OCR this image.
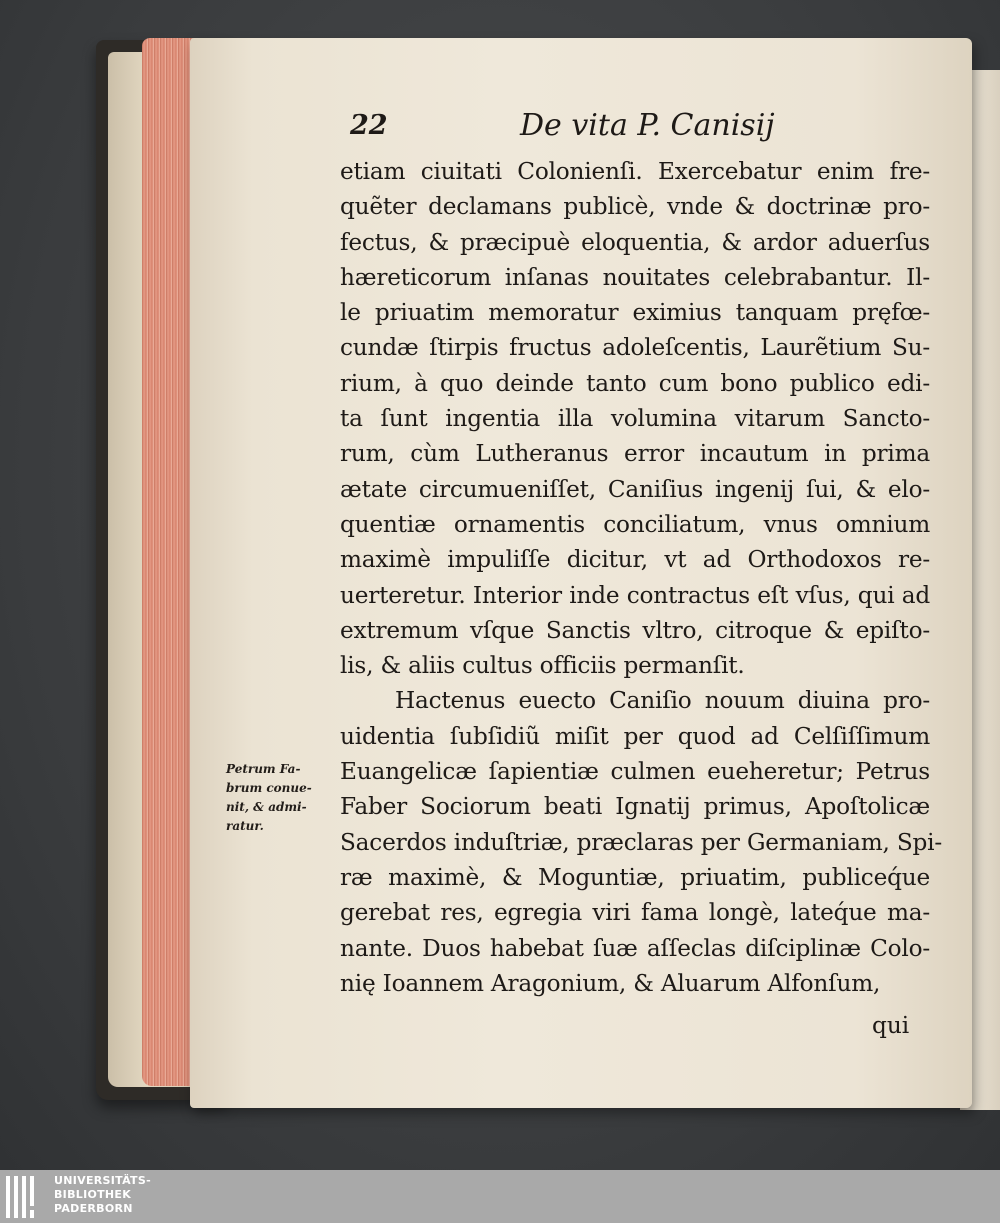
22	De vita P. Canisij
etiam ciuitati Colonienſi. Exercebatur enim fre-
quẽter declamans publicè, vnde & doctrinæ pro-
fectus, & præcipuè eloquentia, & ardor aduerſus
hæreticorum inſanas nouitates celebrabantur. Il-
le priuatim memoratur eximius tanquam pręfœ-
cundæ ſtirpis fructus adoleſcentis, Laurẽtium Su-
rium, à quo deinde tanto cum bono publico edi-
ta ſunt ingentia illa volumina vitarum Sancto-
rum, cùm Lutheranus error incautum in prima
ætate circumueniſſet, Caniſius ingenij ſui, & elo-
quentiæ ornamentis conciliatum, vnus omnium
maximè impuliſſe dicitur, vt ad Orthodoxos re-
uerteretur. Interior inde contractus eſt vſus, qui ad
extremum vſque Sanctis vltro, citroque & epiſto-
lis, & aliis cultus officiis permanſit.
Hactenus euecto Caniſio nouum diuina pro-
uidentia ſubſidiũ miſit per quod ad Celſiſſimum
Euangelicæ ſapientiæ culmen eueheretur; Petrus
Faber Sociorum beati Ignatij primus, Apoſtolicæ
Sacerdos induſtriæ, præclaras per Germaniam, Spi-
ræ maximè, & Moguntiæ, priuatim, publiceq́ue
gerebat res, egregia viri fama longè, lateq́ue ma-
nante. Duos habebat ſuæ aſſeclas diſciplinæ Colo-
nię Ioannem Aragonium, & Aluarum Alfonſum,
Petrum Fa-
brum conue-
nit, & admi-
ratur.
qui
UNIVERSITÄTS-
BIBLIOTHEK
PADERBORN
